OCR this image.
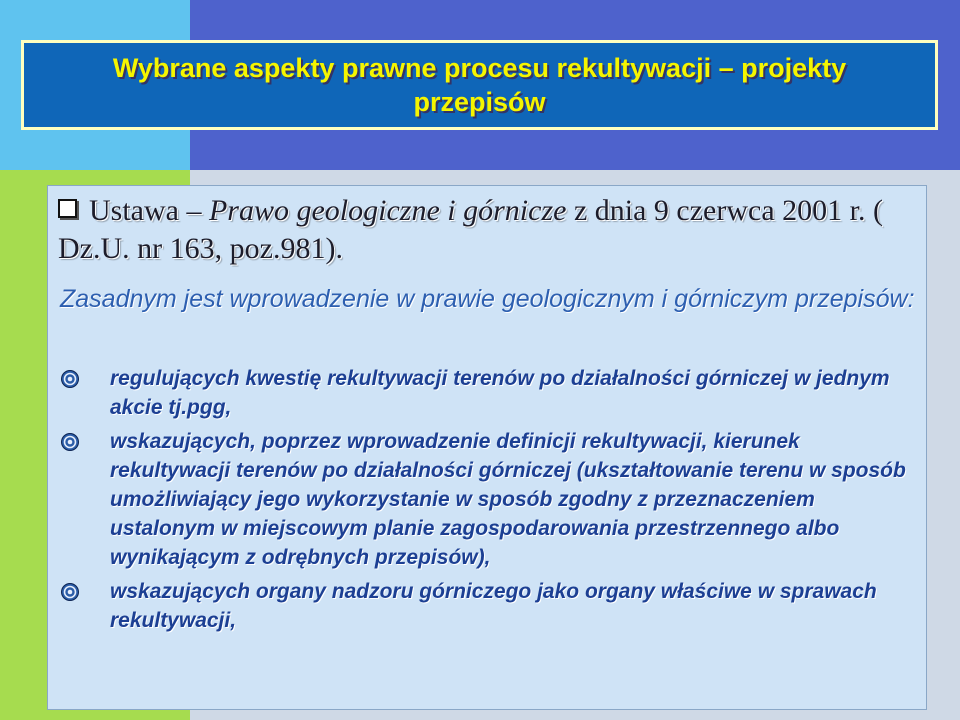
Wybrane aspekty prawne procesu rekultywacji – projekty przepisów
Ustawa – Prawo geologiczne i górnicze z dnia 9 czerwca 2001 r. ( Dz.U. nr 163, poz.981).
Zasadnym jest wprowadzenie w prawie geologicznym i górniczym przepisów:
regulujących kwestię rekultywacji terenów po działalności górniczej w jednym akcie tj.pgg,
wskazujących, poprzez wprowadzenie definicji rekultywacji, kierunek rekultywacji terenów po działalności górniczej (ukształtowanie terenu w sposób umożliwiający jego wykorzystanie w sposób zgodny z przeznaczeniem ustalonym w miejscowym planie zagospodarowania przestrzennego albo wynikającym z odrębnych przepisów),
wskazujących organy nadzoru górniczego jako organy właściwe w sprawach rekultywacji,
